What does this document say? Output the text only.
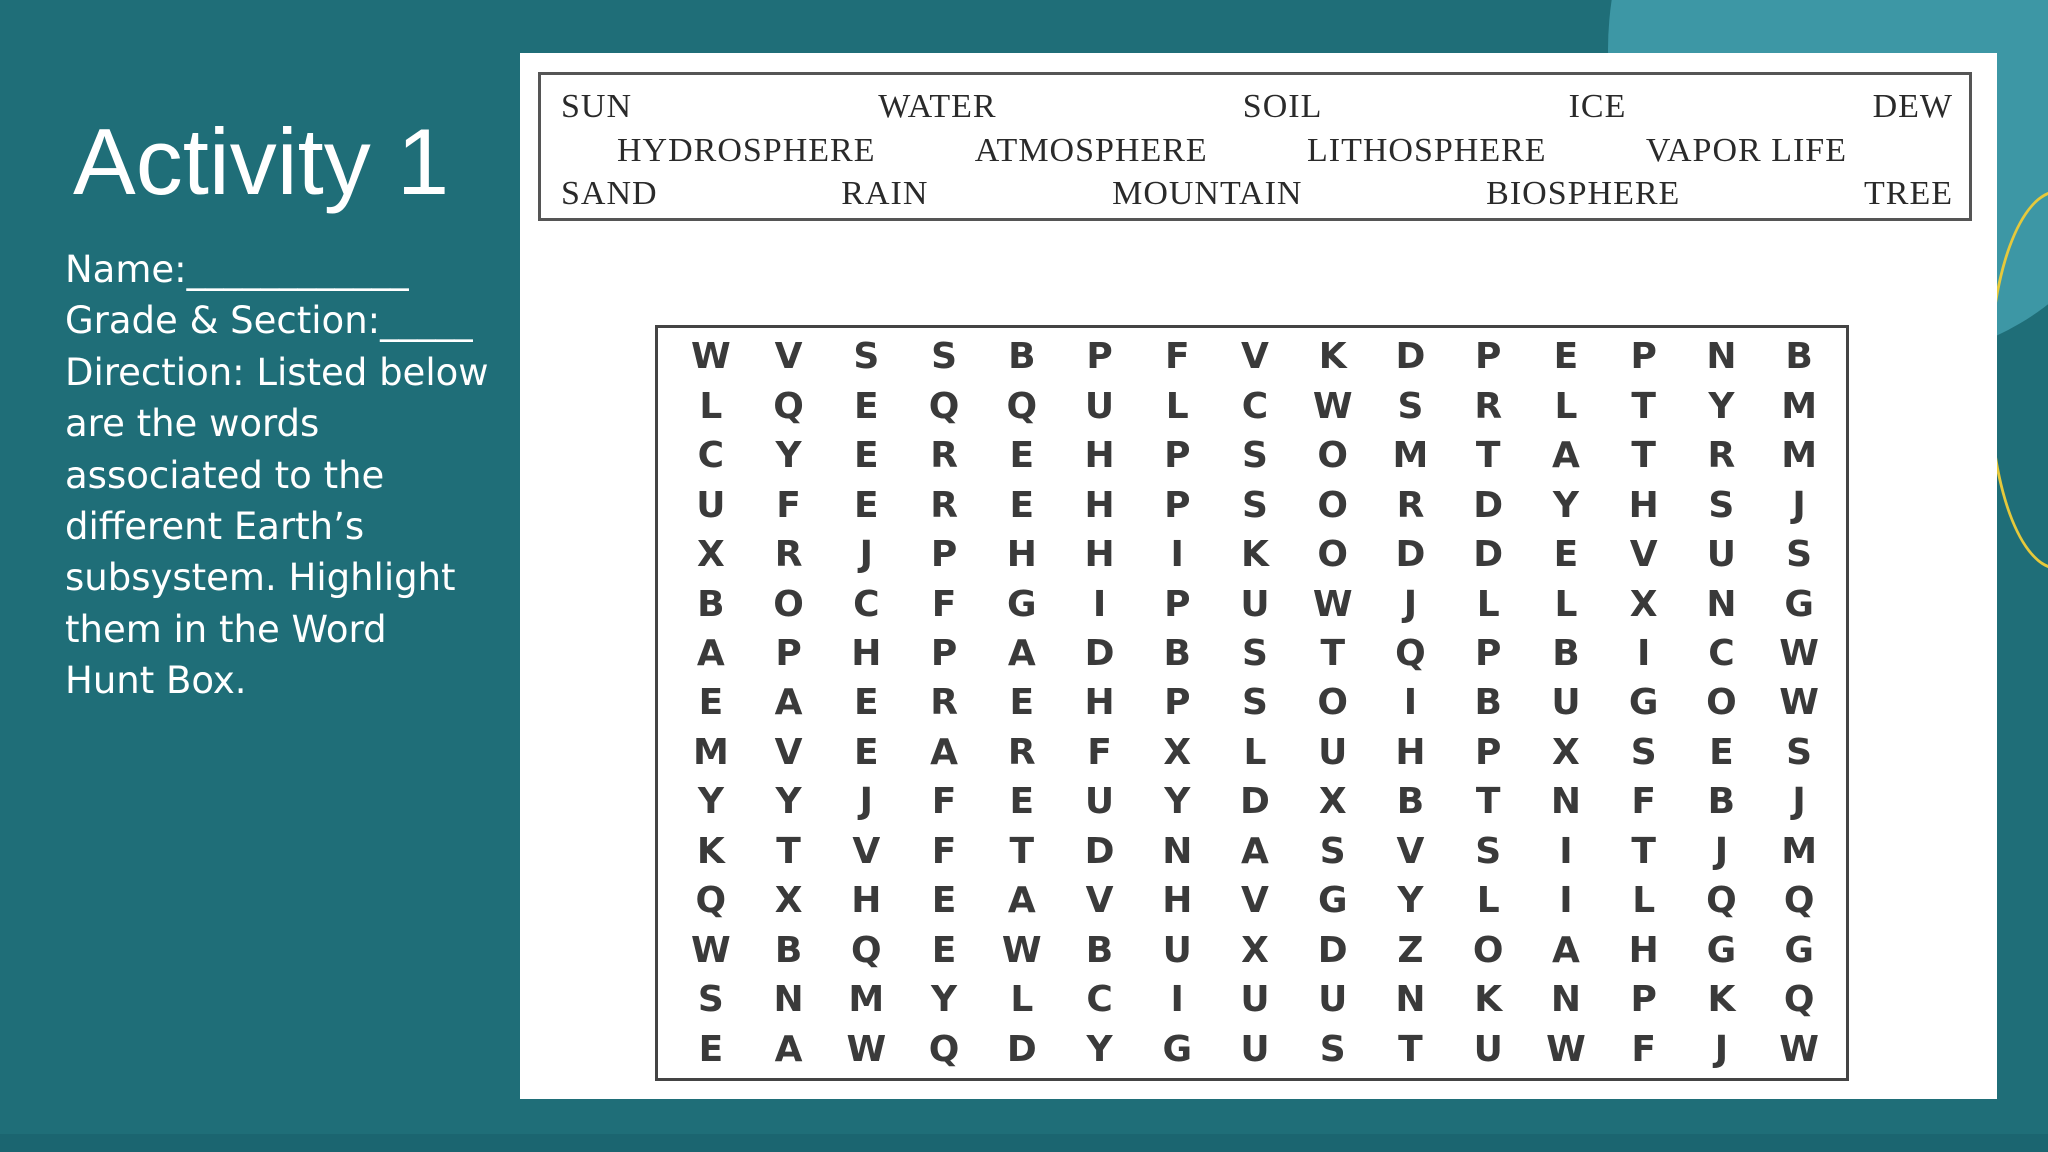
Activity 1
Name:____________
Grade & Section:_____
Direction: Listed below
are the words
associated to the
different Earth’s
subsystem. Highlight
them in the Word
Hunt Box.
SUN	WATER	SOIL	ICE	DEW
HYDROSPHERE	ATMOSPHERE	LITHOSPHERE	VAPOR LIFE
SAND	RAIN	MOUNTAIN	BIOSPHERE	TREE
W	V	S	S	B	P	F	V	K	D	P	E	P	N	B
L	Q	E	Q	Q	U	L	C	W	S	R	L	T	Y	M
C	Y	E	R	E	H	P	S	O	M	T	A	T	R	M
U	F	E	R	E	H	P	S	O	R	D	Y	H	S	J
X	R	J	P	H	H	I	K	O	D	D	E	V	U	S
B	O	C	F	G	I	P	U	W	J	L	L	X	N	G
A	P	H	P	A	D	B	S	T	Q	P	B	I	C	W
E	A	E	R	E	H	P	S	O	I	B	U	G	O	W
M	V	E	A	R	F	X	L	U	H	P	X	S	E	S
Y	Y	J	F	E	U	Y	D	X	B	T	N	F	B	J
K	T	V	F	T	D	N	A	S	V	S	I	T	J	M
Q	X	H	E	A	V	H	V	G	Y	L	I	L	Q	Q
W	B	Q	E	W	B	U	X	D	Z	O	A	H	G	G
S	N	M	Y	L	C	I	U	U	N	K	N	P	K	Q
E	A	W	Q	D	Y	G	U	S	T	U	W	F	J	W
